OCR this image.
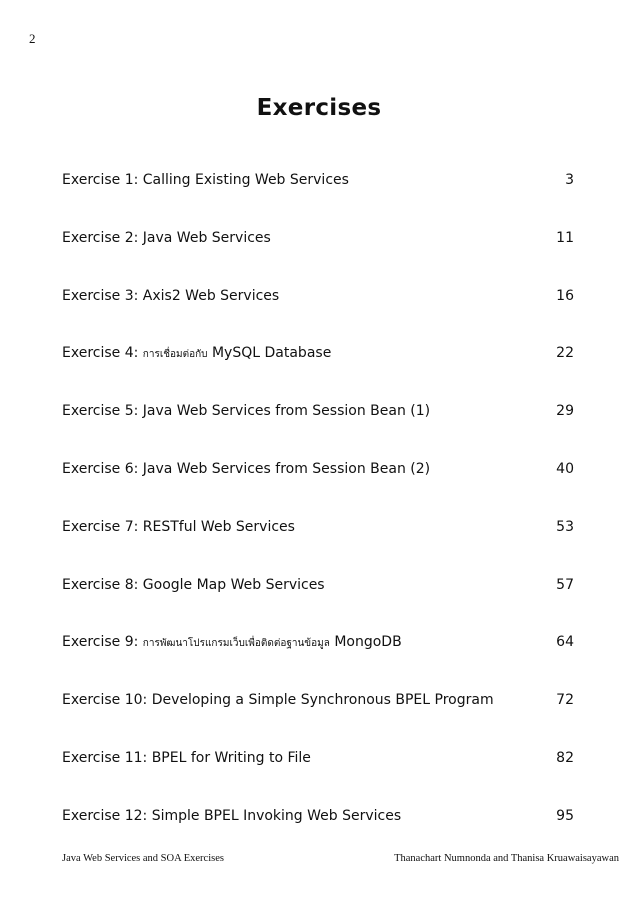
2
Exercises
Exercise 1: Calling Existing Web Services	3
Exercise 2: Java Web Services	11
Exercise 3: Axis2 Web Services	16
Exercise 4: การเชื่อมต่อกับ MySQL Database	22
Exercise 5: Java Web Services from Session Bean (1)	29
Exercise 6: Java Web Services from Session Bean (2)	40
Exercise 7: RESTful Web Services	53
Exercise 8: Google Map Web Services	57
Exercise 9: การพัฒนาโปรแกรมเว็บเพื่อติดต่อฐานข้อมูล MongoDB	64
Exercise 10: Developing a Simple Synchronous BPEL Program	72
Exercise 11: BPEL for Writing to File	82
Exercise 12: Simple BPEL Invoking Web Services	95
Java Web Services and SOA Exercises	Thanachart Numnonda and Thanisa Kruawaisayawan
